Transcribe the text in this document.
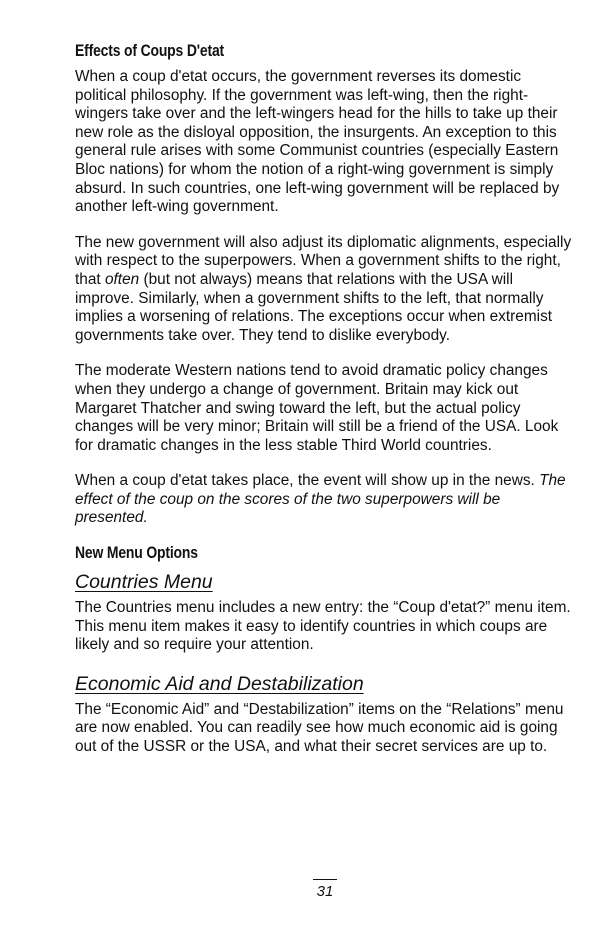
Effects of Coups D'etat

When a coup d'etat occurs, the government reverses its domestic political philosophy. If the government was left-wing, then the right-wingers take over and the left-wingers head for the hills to take up their new role as the disloyal opposition, the insurgents. An exception to this general rule arises with some Communist countries (especially Eastern Bloc nations) for whom the notion of a right-wing government is simply absurd. In such countries, one left-wing government will be replaced by another left-wing government.

The new government will also adjust its diplomatic alignments, especially with respect to the superpowers. When a government shifts to the right, that often (but not always) means that relations with the USA will improve. Similarly, when a government shifts to the left, that normally implies a worsening of relations. The exceptions occur when extremist governments take over. They tend to dislike everybody.

The moderate Western nations tend to avoid dramatic policy changes when they undergo a change of government. Britain may kick out Margaret Thatcher and swing toward the left, but the actual policy changes will be very minor; Britain will still be a friend of the USA. Look for dramatic changes in the less stable Third World countries.

When a coup d'etat takes place, the event will show up in the news. The effect of the coup on the scores of the two superpowers will be presented.

New Menu Options
Countries Menu

The Countries menu includes a new entry: the “Coup d'etat?” menu item. This menu item makes it easy to identify countries in which coups are likely and so require your attention.

Economic Aid and Destabilization

The “Economic Aid” and “Destabilization” items on the “Relations” menu are now enabled. You can readily see how much economic aid is going out of the USSR or the USA, and what their secret services are up to.

31
